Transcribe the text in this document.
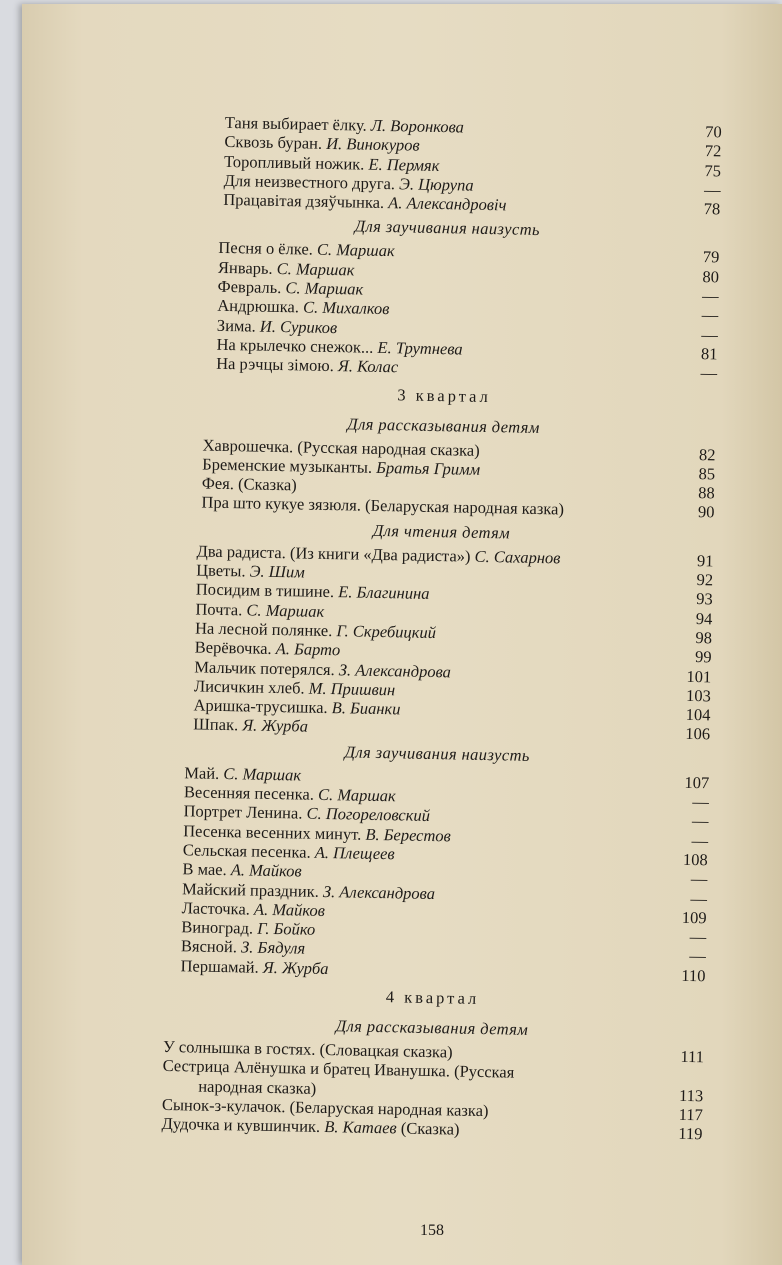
Таня выбирает ёлку. Л. Воронкова	70
Сквозь буран. И. Винокуров	72
Торопливый ножик. Е. Пермяк	75
Для неизвестного друга. Э. Цюрупа	—
Працавітая дзяўчынка. А. Александровіч	78
Для заучивания наизусть
Песня о ёлке. С. Маршак	79
Январь. С. Маршак	80
Февраль. С. Маршак	—
Андрюшка. С. Михалков	—
Зима. И. Суриков	—
На крылечко снежок... Е. Трутнева	81
На рэчцы зімою. Я. Колас	—
3 квартал
Для рассказывания детям
Хаврошечка. (Русская народная сказка)	82
Бременские музыканты. Братья Гримм	85
Фея. (Сказка)	88
Пра што кукуе зязюля. (Беларуская народная казка)	90
Для чтения детям
Два радиста. (Из книги «Два радиста») С. Сахарнов	91
Цветы. Э. Шим	92
Посидим в тишине. Е. Благинина	93
Почта. С. Маршак	94
На лесной полянке. Г. Скребицкий	98
Верёвочка. А. Барто	99
Мальчик потерялся. З. Александрова	101
Лисичкин хлеб. М. Пришвин	103
Аришка-трусишка. В. Бианки	104
Шпак. Я. Журба	106
Для заучивания наизусть
Май. С. Маршак	107
Весенняя песенка. С. Маршак	—
Портрет Ленина. С. Погореловский	—
Песенка весенних минут. В. Берестов	—
Сельская песенка. А. Плещеев	108
В мае. А. Майков	—
Майский праздник. З. Александрова	—
Ласточка. А. Майков	109
Виноград. Г. Бойко	—
Вясной. З. Бядуля	—
Першамай. Я. Журба	110
4 квартал
Для рассказывания детям
У солнышка в гостях. (Словацкая сказка)	111
Сестрица Алёнушка и братец Иванушка. (Русская
народная сказка)	113
Сынок-з-кулачок. (Беларуская народная казка)	117
Дудочка и кувшинчик. В. Катаев (Сказка)	119
158
